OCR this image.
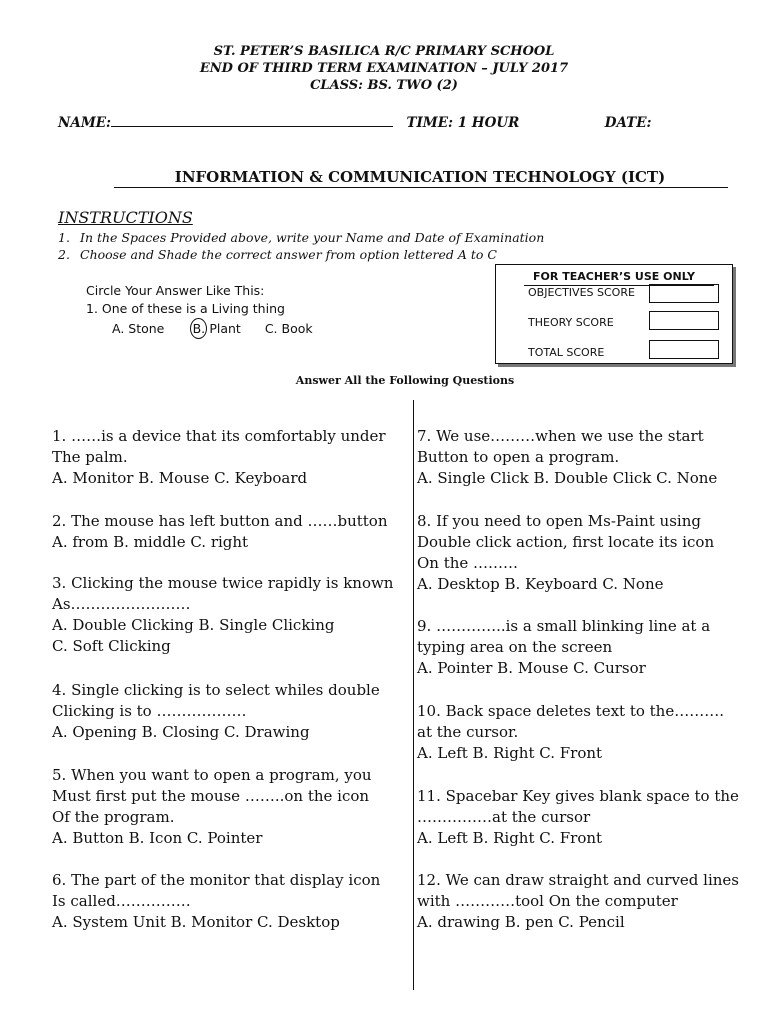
ST. PETER’S BASILICA R/C PRIMARY SCHOOL
END OF THIRD TERM EXAMINATION – JULY 2017
CLASS: BS. TWO (2)
NAME:	TIME: 1 HOUR	DATE:
INFORMATION & COMMUNICATION TECHNOLOGY (ICT)
INSTRUCTIONS
1. In the Spaces Provided above, write your Name and Date of Examination
2. Choose and Shade the correct answer from option lettered A to C
Circle Your Answer Like This:
1. One of these is a Living thing
A. Stone B. Plant C. Book
FOR TEACHER’S USE ONLY
OBJECTIVES SCORE
THEORY SCORE
TOTAL SCORE
Answer All the Following Questions
1. ……is a device that its comfortably under
The palm.
A. Monitor B. Mouse C. Keyboard
2. The mouse has left button and ……button
A. from B. middle C. right
3. Clicking the mouse twice rapidly is known
As……………………
A. Double Clicking B. Single Clicking
C. Soft Clicking
4. Single clicking is to select whiles double
Clicking is to ………………
A. Opening B. Closing C. Drawing
5. When you want to open a program, you
Must first put the mouse ……..on the icon
Of the program.
A. Button B. Icon C. Pointer
6. The part of the monitor that display icon
Is called……………
A. System Unit B. Monitor C. Desktop
7. We use………when we use the start
Button to open a program.
A. Single Click B. Double Click C. None
8. If you need to open Ms-Paint using
Double click action, first locate its icon
On the ………
A. Desktop B. Keyboard C. None
9. …………..is a small blinking line at a
typing area on the screen
A. Pointer B. Mouse C. Cursor
10. Back space deletes text to the……….
at the cursor.
A. Left B. Right C. Front
11. Spacebar Key gives blank space to the
……………at the cursor
A. Left B. Right C. Front
12. We can draw straight and curved lines
with …………tool On the computer
A. drawing B. pen C. Pencil
